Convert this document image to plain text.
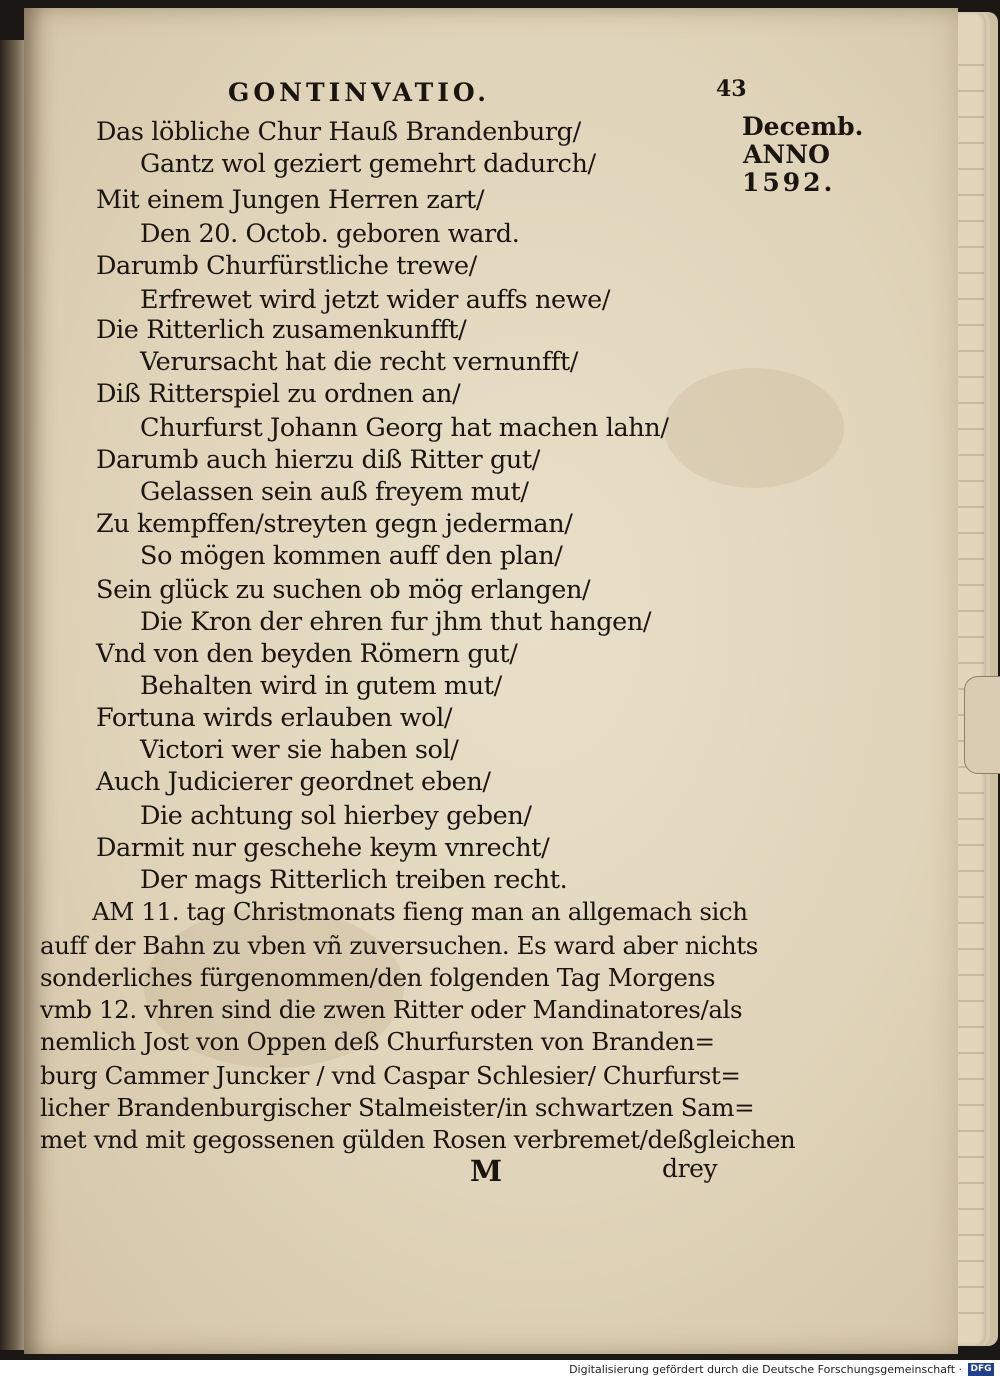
GONTINVATIO.	43
Decemb.
ANNO
1592.
Das löbliche Chur Hauß Brandenburg/
Gantz wol geziert gemehrt dadurch/
Mit einem Jungen Herren zart/
Den 20. Octob. geboren ward.
Darumb Churfürstliche trewe/
Erfrewet wird jetzt wider auffs newe/
Die Ritterlich zusamenkunfft/
Verursacht hat die recht vernunfft/
Diß Ritterspiel zu ordnen an/
Churfurst Johann Georg hat machen lahn/
Darumb auch hierzu diß Ritter gut/
Gelassen sein auß freyem mut/
Zu kempffen/streyten gegn jederman/
So mögen kommen auff den plan/
Sein glück zu suchen ob mög erlangen/
Die Kron der ehren fur jhm thut hangen/
Vnd von den beyden Römern gut/
Behalten wird in gutem mut/
Fortuna wirds erlauben wol/
Victori wer sie haben sol/
Auch Judicierer geordnet eben/
Die achtung sol hierbey geben/
Darmit nur geschehe keym vnrecht/
Der mags Ritterlich treiben recht.
AM 11. tag Christmonats fieng man an allgemach sich
auff der Bahn zu vben vñ zuversuchen. Es ward aber nichts
sonderliches fürgenommen/den folgenden Tag Morgens
vmb 12. vhren sind die zwen Ritter oder Mandinatores/als
nemlich Jost von Oppen deß Churfursten von Branden=
burg Cammer Juncker / vnd Caspar Schlesier/ Churfurst=
licher Brandenburgischer Stalmeister/in schwartzen Sam=
met vnd mit gegossenen gülden Rosen verbremet/deßgleichen
M	drey
Digitalisierung gefördert durch die Deutsche Forschungsgemeinschaft · DFG
